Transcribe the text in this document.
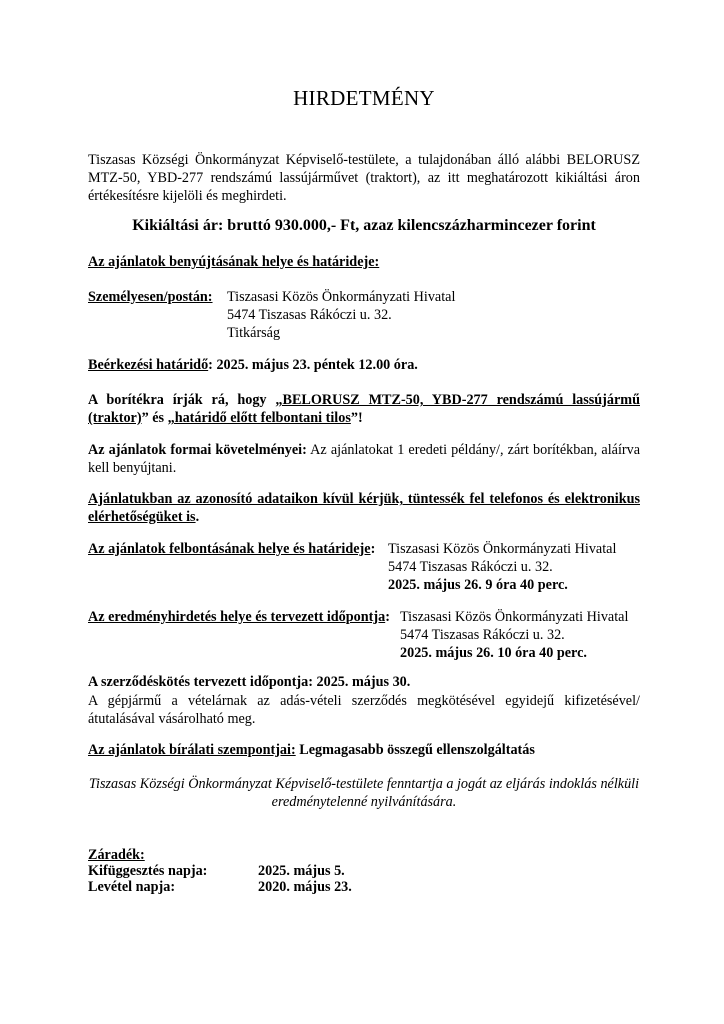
HIRDETMÉNY
Tiszasas Községi Önkormányzat Képviselő-testülete, a tulajdonában álló alábbi BELORUSZ MTZ-50, YBD-277 rendszámú lassújárművet (traktort), az itt meghatározott kikiáltási áron értékesítésre kijelöli és meghirdeti.
Kikiáltási ár: bruttó 930.000,- Ft, azaz kilencszázharmincezer forint
Az ajánlatok benyújtásának helye és határideje:
Személyesen/postán: Tiszasasi Közös Önkormányzati Hivatal
5474 Tiszasas Rákóczi u. 32.
Titkárság
Beérkezési határidő: 2025. május 23. péntek 12.00 óra.
A borítékra írják rá, hogy „BELORUSZ MTZ-50, YBD-277 rendszámú lassújármű (traktor)” és „határidő előtt felbontani tilos”!
Az ajánlatok formai követelményei: Az ajánlatokat 1 eredeti példány/, zárt borítékban, aláírva kell benyújtani.
Ajánlatukban az azonosító adataikon kívül kérjük, tüntessék fel telefonos és elektronikus elérhetőségüket is.
Az ajánlatok felbontásának helye és határideje: Tiszasasi Közös Önkormányzati Hivatal
5474 Tiszasas Rákóczi u. 32.
2025. május 26. 9 óra 40 perc.
Az eredményhirdetés helye és tervezett időpontja: Tiszasasi Közös Önkormányzati Hivatal
5474 Tiszasas Rákóczi u. 32.
2025. május 26. 10 óra 40 perc.
A szerződéskötés tervezett időpontja: 2025. május 30.
A gépjármű a vételárnak az adás-vételi szerződés megkötésével egyidejű kifizetésével/átutalásával vásárolható meg.
Az ajánlatok bírálati szempontjai: Legmagasabb összegű ellenszolgáltatás
Tiszasas Községi Önkormányzat Képviselő-testülete fenntartja a jogát az eljárás indoklás nélküli eredménytelenné nyilvánítására.
Záradék:
Kifüggesztés napja:	2025. május 5.
Levétel napja:	2020. május 23.
